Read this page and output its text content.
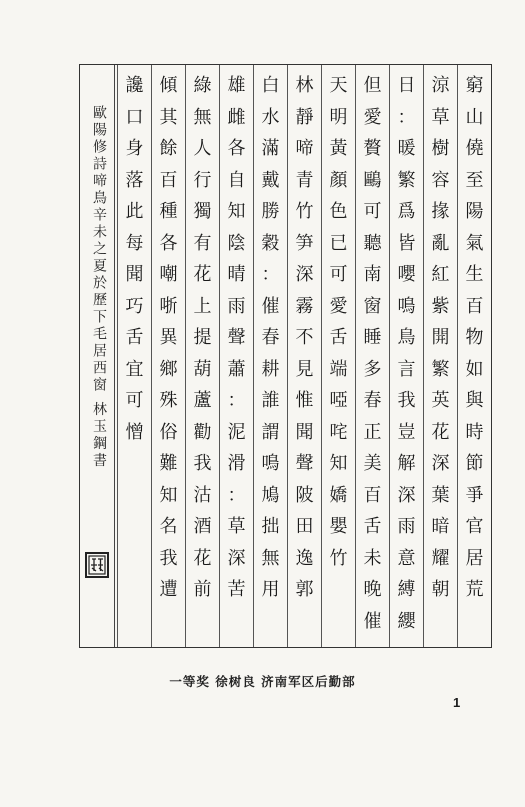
歐陽修詩啼鳥辛未之夏於歷下毛居西窗 林玉鋼書
窮
山
僥
至
陽
氣
生
百
物
如
與
時
節
爭
官
居
荒
涼
草
樹
容
掾
亂
紅
紫
開
繁
英
花
深
葉
暗
耀
朝
日
：
暖
繁
爲
皆
嚶
鳴
鳥
言
我
豈
解
深
雨
意
縛
纓
但
愛
贅
鷗
可
聽
南
窗
睡
多
春
正
美
百
舌
未
晚
催
天
明
黃
顏
色
已
可
愛
舌
端
啞
咤
知
嬌
嬰
竹
林
靜
啼
青
竹
笋
深
霧
不
見
惟
聞
聲
陂
田
逸
郭
白
水
滿
戴
勝
穀
：
催
春
耕
誰
謂
鳴
鳩
拙
無
用
雄
雌
各
自
知
陰
晴
雨
聲
蕭
：
泥
滑
：
草
深
苦
綠
無
人
行
獨
有
花
上
提
葫
蘆
勸
我
沽
酒
花
前
傾
其
餘
百
種
各
嘲
哳
異
鄉
殊
俗
難
知
名
我
遭
讒
口
身
落
此
每
聞
巧
舌
宜
可
憎
一等奖 徐树良 济南军区后勤部
1
